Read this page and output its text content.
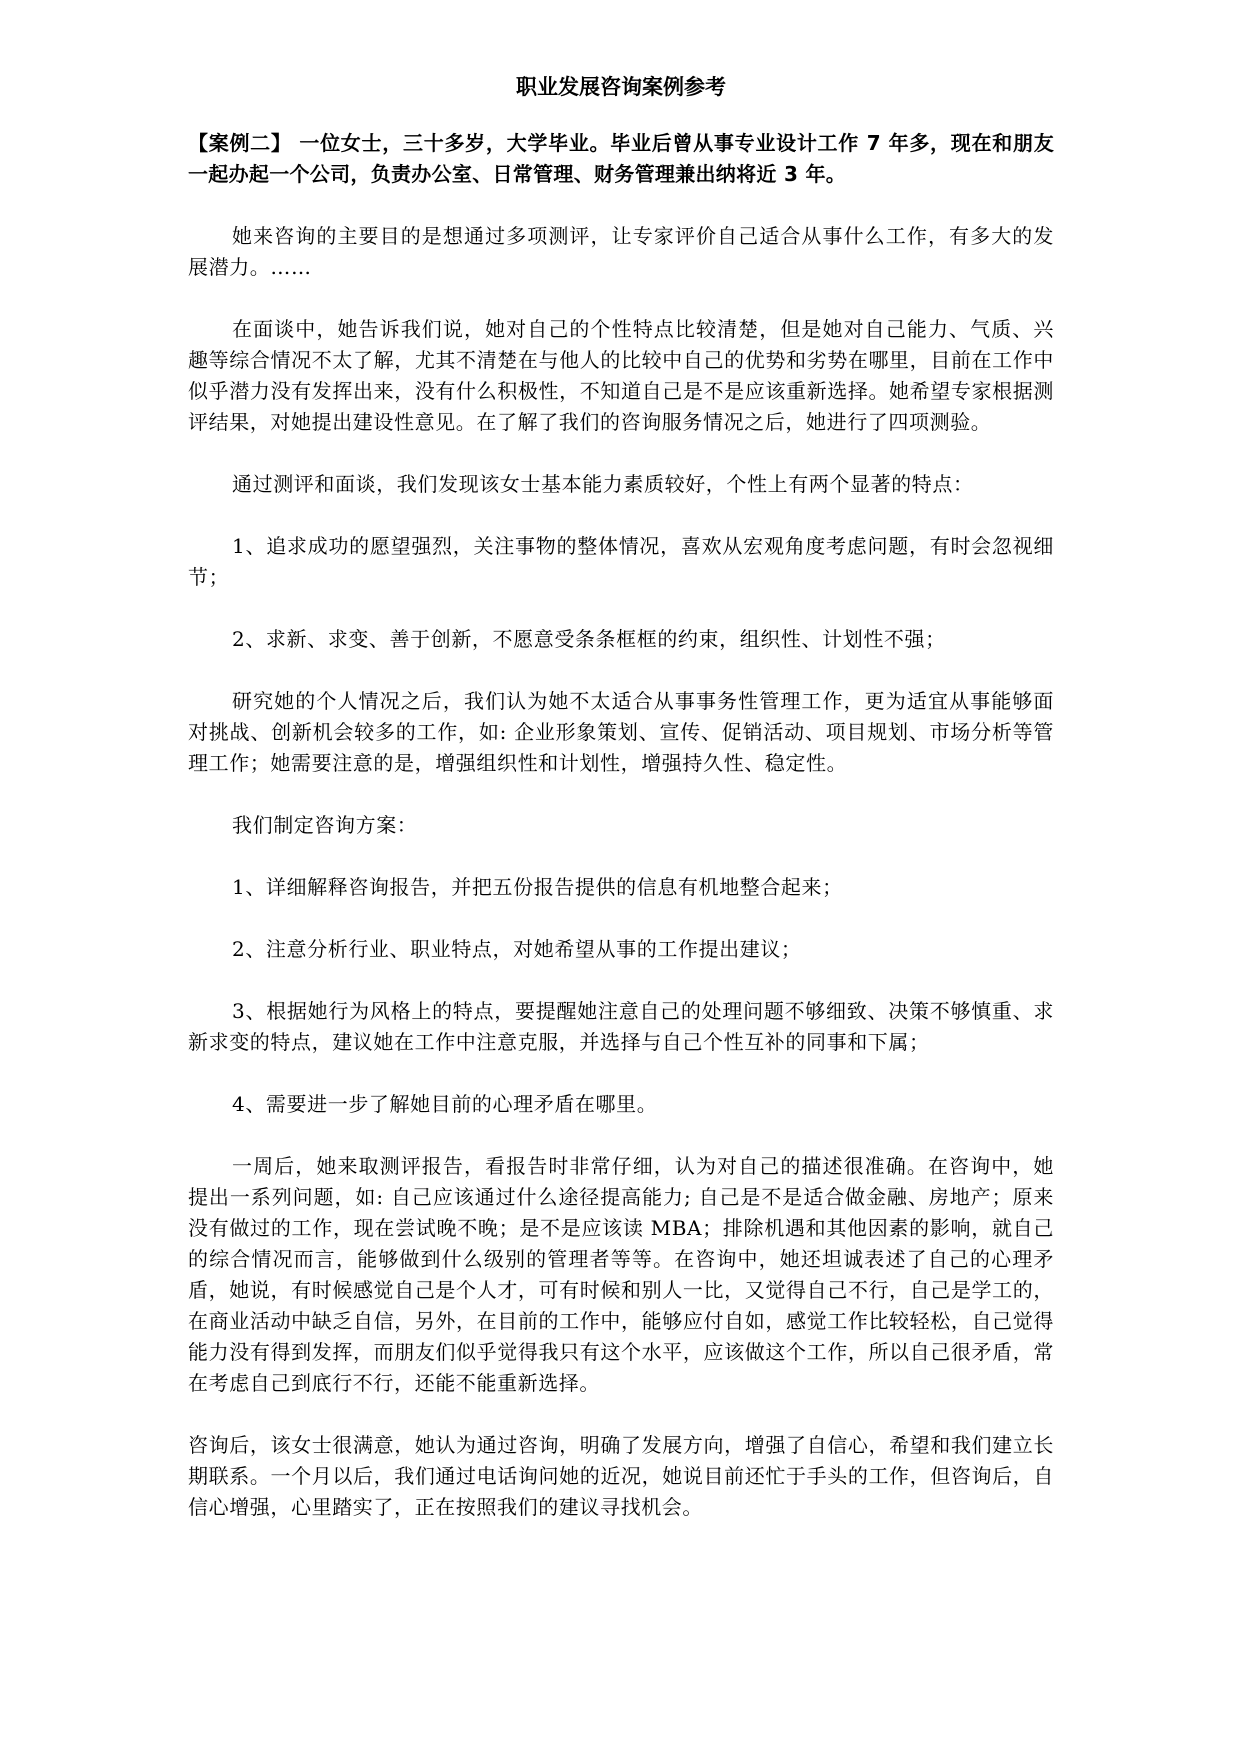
职业发展咨询案例参考
【案例二】 一位女士，三十多岁，大学毕业。毕业后曾从事专业设计工作 7 年多，现在和朋友一起办起一个公司，负责办公室、日常管理、财务管理兼出纳将近 3 年。
她来咨询的主要目的是想通过多项测评，让专家评价自己适合从事什么工作，有多大的发展潜力。……
在面谈中，她告诉我们说，她对自己的个性特点比较清楚，但是她对自己能力、气质、兴趣等综合情况不太了解，尤其不清楚在与他人的比较中自己的优势和劣势在哪里，目前在工作中似乎潜力没有发挥出来，没有什么积极性，不知道自己是不是应该重新选择。她希望专家根据测评结果，对她提出建设性意见。在了解了我们的咨询服务情况之后，她进行了四项测验。
通过测评和面谈，我们发现该女士基本能力素质较好，个性上有两个显著的特点：
1、追求成功的愿望强烈，关注事物的整体情况，喜欢从宏观角度考虑问题，有时会忽视细节；
2、求新、求变、善于创新，不愿意受条条框框的约束，组织性、计划性不强；
研究她的个人情况之后，我们认为她不太适合从事事务性管理工作，更为适宜从事能够面对挑战、创新机会较多的工作，如: 企业形象策划、宣传、促销活动、项目规划、市场分析等管理工作；她需要注意的是，增强组织性和计划性，增强持久性、稳定性。
我们制定咨询方案：
1、详细解释咨询报告，并把五份报告提供的信息有机地整合起来；
2、注意分析行业、职业特点，对她希望从事的工作提出建议；
3、根据她行为风格上的特点，要提醒她注意自己的处理问题不够细致、决策不够慎重、求新求变的特点，建议她在工作中注意克服，并选择与自己个性互补的同事和下属；
4、需要进一步了解她目前的心理矛盾在哪里。
一周后，她来取测评报告，看报告时非常仔细，认为对自己的描述很准确。在咨询中，她提出一系列问题，如: 自己应该通过什么途径提高能力; 自己是不是适合做金融、房地产；原来没有做过的工作，现在尝试晚不晚；是不是应该读 MBA；排除机遇和其他因素的影响，就自己的综合情况而言，能够做到什么级别的管理者等等。在咨询中，她还坦诚表述了自己的心理矛盾，她说，有时候感觉自己是个人才，可有时候和别人一比，又觉得自己不行，自己是学工的，在商业活动中缺乏自信，另外，在目前的工作中，能够应付自如，感觉工作比较轻松，自己觉得能力没有得到发挥，而朋友们似乎觉得我只有这个水平，应该做这个工作，所以自己很矛盾，常在考虑自己到底行不行，还能不能重新选择。
咨询后，该女士很满意，她认为通过咨询，明确了发展方向，增强了自信心，希望和我们建立长期联系。一个月以后，我们通过电话询问她的近况，她说目前还忙于手头的工作，但咨询后，自信心增强，心里踏实了，正在按照我们的建议寻找机会。
